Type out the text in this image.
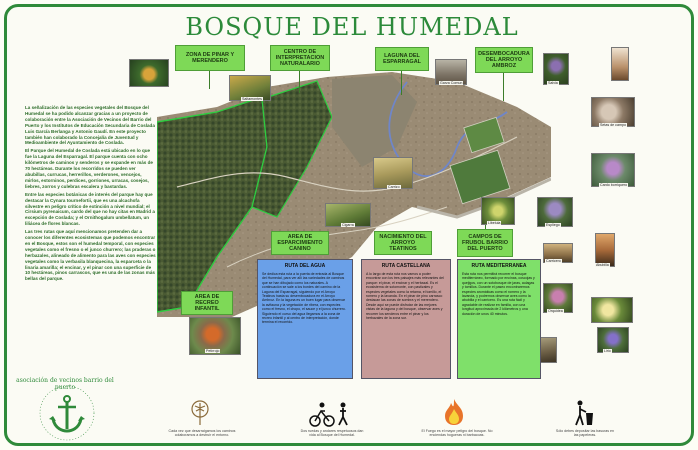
BOSQUE DEL HUMEDAL
ZONA DE PINAR Y MERENDERO
CENTRO DE INTERPRETACION NATURALARIO
LAGUNA DEL ESPARRAGAL
DESEMBOCADURA DEL ARROYO AMBROZ
AREA DE ESPARCIMIENTO CANINO
NACIMIENTO DEL ARROYO TEATINOS
CAMPOS DE FRUBOL BARRIO DEL PUERTO
AREA DE RECREO INFANTIL
Saltamontes
Garza Comun	Salvia
Setas de campo
Cardo borriquero
Carrizo
Cigarra	Libelula	Espliego
Carricero
Abubilla
Orquidea
Lirio
Petirrojo

La señalización de las especies vegetales del Bosque del Humedal se ha podido alcanzar gracias a un proyecto de colaboración entre la Asociación de Vecinos del Barrio del Puerto y los Institutos de Educación Secundaria de Coslada Luis García Berlanga y Antonio Gaudí. En este proyecto también han colaborado la Concejalía de Juventud y Medioambiente del Ayuntamiento de Coslada.

El Parque del Humedal de Coslada está ubicado en lo que fue la Laguna del Esparragal. El parque cuenta con ocho kilómetros de caminos y senderos y se expande en más de 70 hectáreas. Durante los recorridos se pueden ver abubillas, currucas, herrerillos, verderones, vencejos, mirlos, estorninos, perdices, gorriones, urracas, cosejos, liebres, zorros y culebras escalera y bastardas.

Entre las especies botánicas de interés del parque hay que destacar la Cynara tournefortii, que es una alcachofa silvestre en peligro crítico de extinción a nivel mundial; el Cirsium pyrenaicum, cardo del que no hay citas en Madrid a excepción de Coslada; y el Ornithogalum umbellatum, un liliácea de flores blancas.

Las tres rutas que aquí mencionamos pretenden dar a conocer los diferentes ecosistemas que podemos encontrar en el Bosque, estos son el humedal temporal, con especies vegetales como el fresno o el junco churrero; las praderas o herbazales, alineado de alimento para las aves con especies vegetales como la verbasila blanquecina, la esparceta o la linaria amarilla; el encinar, y el pinar con una superficie de 10 hectáreas, pinos carrascos, que es una de las zonas más bellas del parque.

RUTA DEL AGUA

Se dedica esta ruta a la puerta de entrada al Bosque del Humedal, para ver allí las variedades de caminos que se han dibujado como los naturales. A continuación se sale a los bordes del camino de la Laguna del Esparragal, siguiendo por el Arroyo Teatinos hasta su desembocadura en el Arroyo Ambroz. En la laguna es un buen lugar para observar la avifauna y la vegetación de ribera, con especies como el fresno, el chopo, el sauce y el junco churrero. Siguiendo el curso del agua llegamos a la zona de recreo infantil y al centro de interpretación, donde termina el recorrido.

RUTA CASTELLANA

A lo largo de esta ruta nos vamos a poder encontrar con los tres paisajes más relevantes del parque: el pinar, el encinar y el herbazal. Es el ecosistema de sotomonte, con pastizales y especies vegetales como la retama, el tomillo, el romero y la lavanda. En el pinar de pino carrasco destacan las zonas de sombra y el merendero. Desde aquí se puede disfrutar de las mejores vistas de la laguna y del bosque, observar aves y recorrer los senderos entre el pinar y los herbazales de la zona sur.

RUTA MEDITERRANEA

Esta ruta nos permitirá recorrer el bosque mediterráneo, formado por encinas, coscojas y quejigos, con un sotobosque de jaras, aulagas y tomillos. Durante el paseo encontraremos especies aromáticas como el romero y la lavanda, y podremos observar aves como la abubilla y el carricero. Es una ruta fácil y agradable de realizar en familia, con una longitud aproximada de 2 kilómetros y una duración de unos 40 minutos.

asociación de vecinos barrio del puerto
Cada vez que desarraigamos los caminos colaboramos a destruir el entorno.
Dos ruedas y andares respetuosos dan vida al Bosque del Humedal.
El Fuego es el mayor peligro del bosque. No enciendas hogueras ni barbacoas.
Sólo debes depositar las basuras en las papeleras.
